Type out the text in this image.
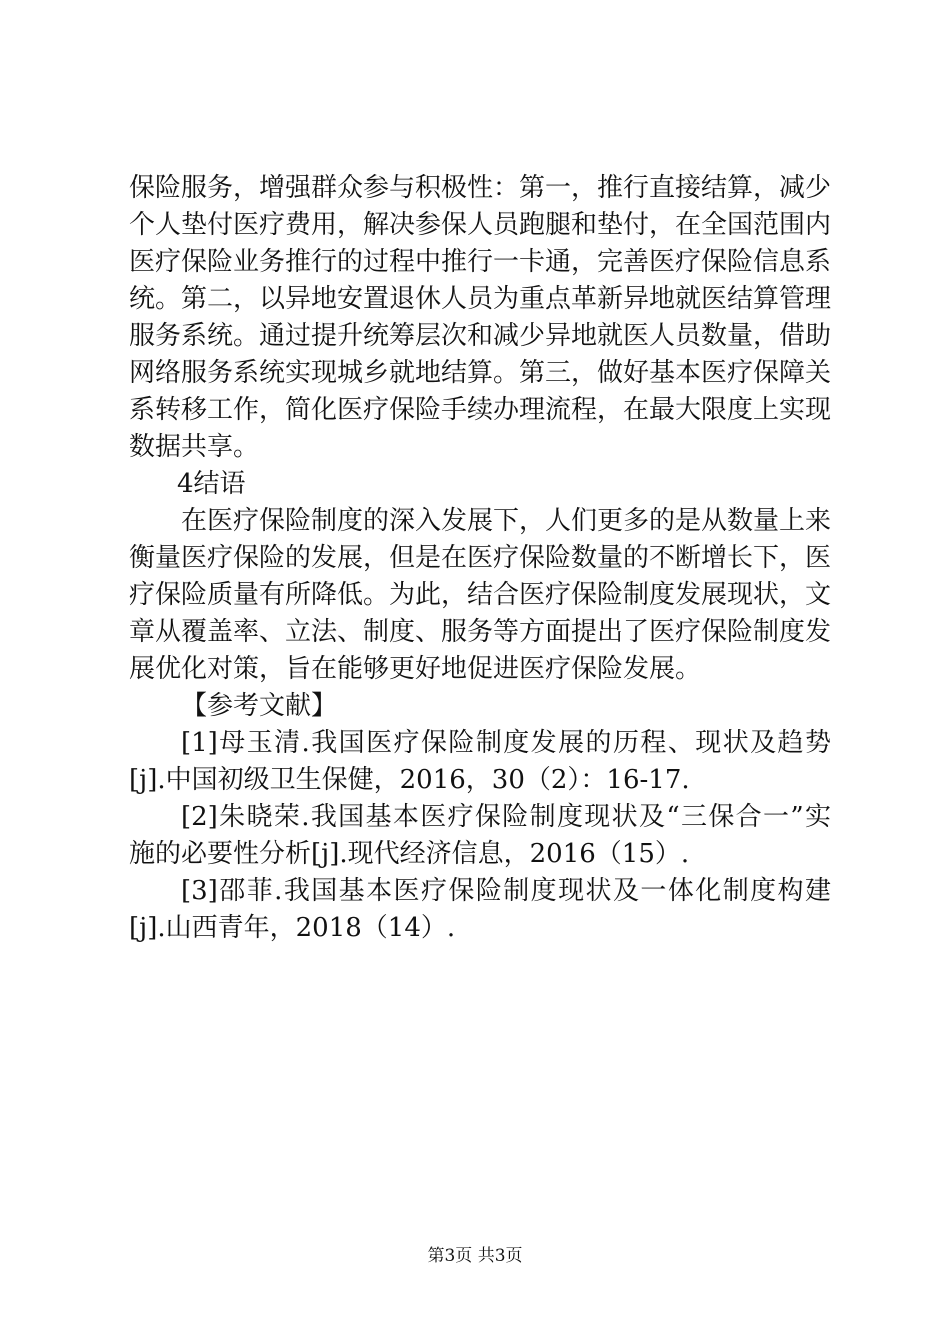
保险服务，增强群众参与积极性：第一，推行直接结算，减少
个人垫付医疗费用，解决参保人员跑腿和垫付，在全国范围内
医疗保险业务推行的过程中推行一卡通，完善医疗保险信息系
统。第二，以异地安置退休人员为重点革新异地就医结算管理
服务系统。通过提升统筹层次和减少异地就医人员数量，借助
网络服务系统实现城乡就地结算。第三，做好基本医疗保障关
系转移工作，简化医疗保险手续办理流程，在最大限度上实现
数据共享。
4结语
在医疗保险制度的深入发展下，人们更多的是从数量上来
衡量医疗保险的发展，但是在医疗保险数量的不断增长下，医
疗保险质量有所降低。为此，结合医疗保险制度发展现状，文
章从覆盖率、立法、制度、服务等方面提出了医疗保险制度发
展优化对策，旨在能够更好地促进医疗保险发展。
【参考文献】
[1]母玉清.我国医疗保险制度发展的历程、现状及趋势
[j].中国初级卫生保健，2016，30（2）：16-17.
[2]朱晓荣.我国基本医疗保险制度现状及“三保合一”实
施的必要性分析[j].现代经济信息，2016（15）.
[3]邵菲.我国基本医疗保险制度现状及一体化制度构建
[j].山西青年，2018（14）.
第3页 共3页
